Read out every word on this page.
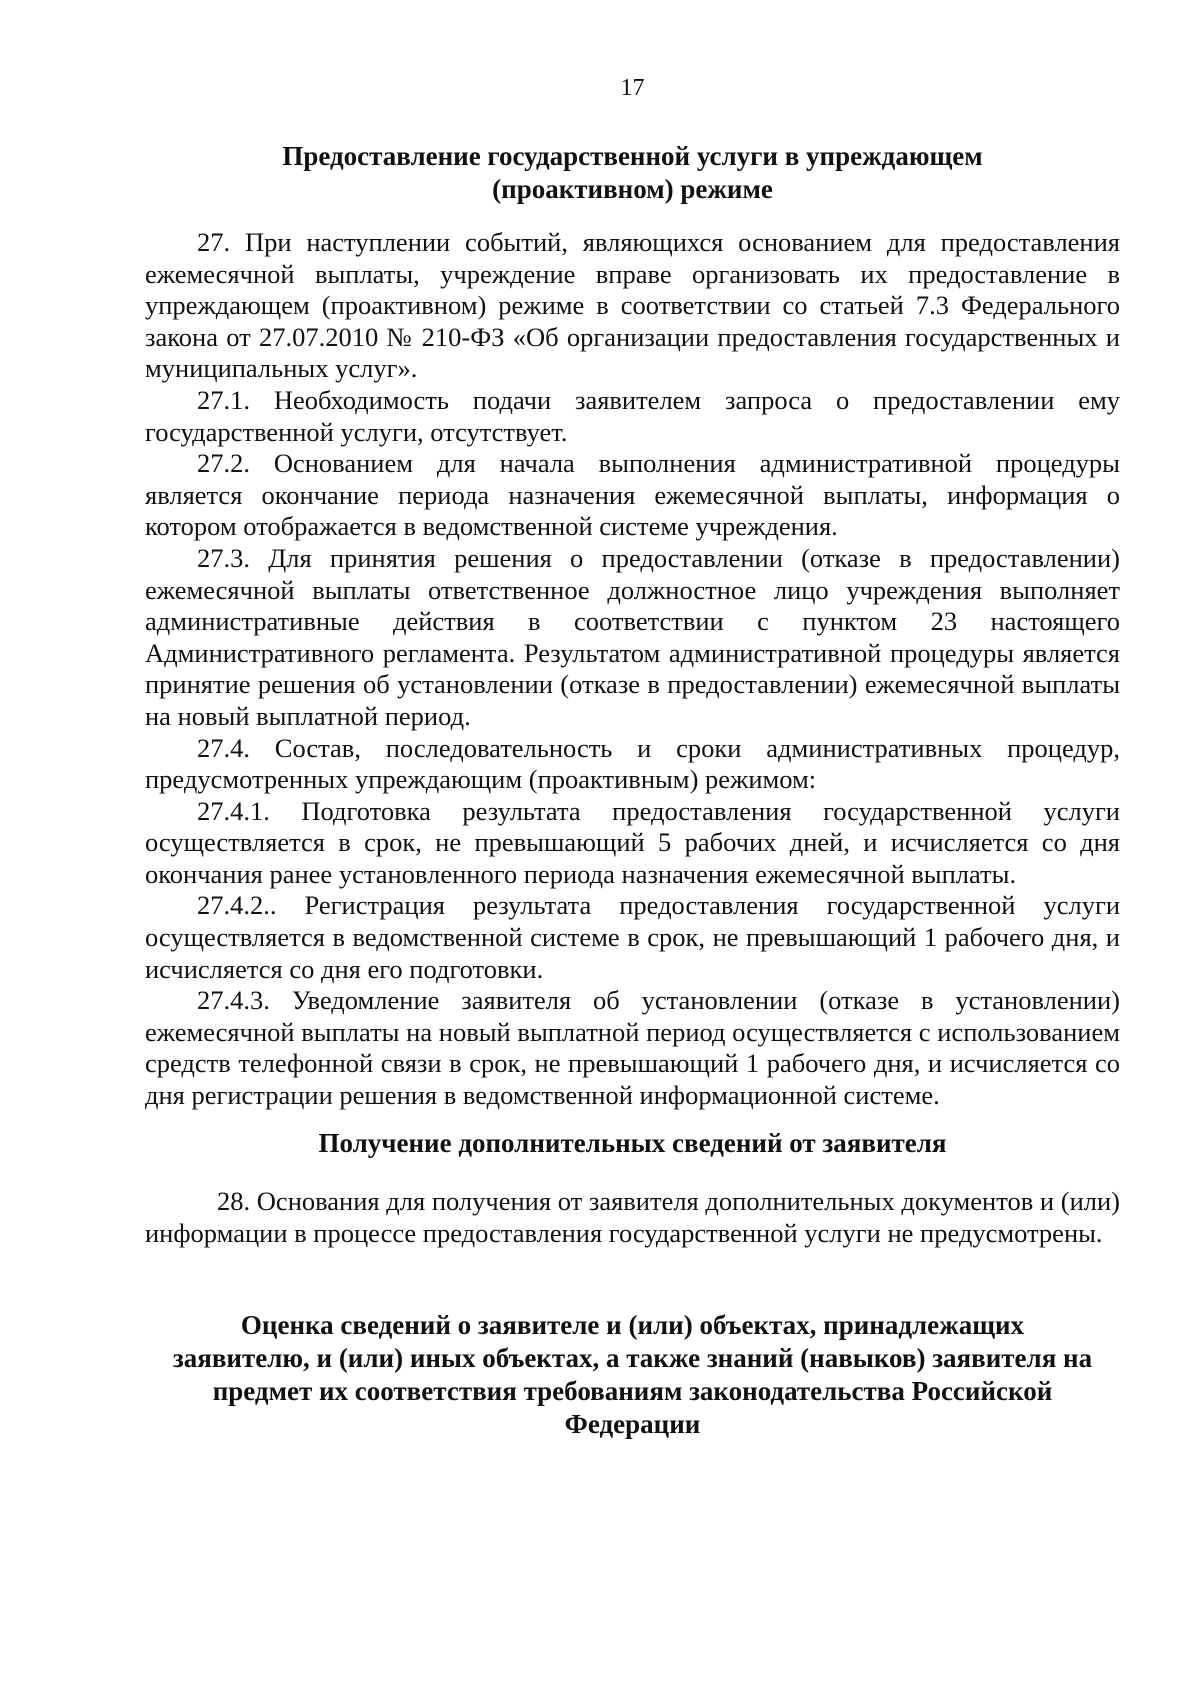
17
Предоставление государственной услуги в упреждающем
(проактивном) режиме

27. При наступлении событий, являющихся основанием для предоставления ежемесячной выплаты, учреждение вправе организовать их предоставление в упреждающем (проактивном) режиме в соответствии со статьей 7.3 Федерального закона от 27.07.2010 № 210-ФЗ «Об организации предоставления государственных и муниципальных услуг».

27.1. Необходимость подачи заявителем запроса о предоставлении ему государственной услуги, отсутствует.

27.2. Основанием для начала выполнения административной процедуры является окончание периода назначения ежемесячной выплаты, информация о котором отображается в ведомственной системе учреждения.

27.3. Для принятия решения о предоставлении (отказе в предоставлении) ежемесячной выплаты ответственное должностное лицо учреждения выполняет административные действия в соответствии с пунктом 23 настоящего Административного регламента. Результатом административной процедуры является принятие решения об установлении (отказе в предоставлении) ежемесячной выплаты на новый выплатной период.

27.4. Состав, последовательность и сроки административных процедур, предусмотренных упреждающим (проактивным) режимом:

27.4.1. Подготовка результата предоставления государственной услуги осуществляется в срок, не превышающий 5 рабочих дней, и исчисляется со дня окончания ранее установленного периода назначения ежемесячной выплаты.

27.4.2.. Регистрация результата предоставления государственной услуги осуществляется в ведомственной системе в срок, не превышающий 1 рабочего дня, и исчисляется со дня его подготовки.

27.4.3. Уведомление заявителя об установлении (отказе в установлении) ежемесячной выплаты на новый выплатной период осуществляется с использованием средств телефонной связи в срок, не превышающий 1 рабочего дня, и исчисляется со дня регистрации решения в ведомственной информационной системе.

Получение дополнительных сведений от заявителя

28. Основания для получения от заявителя дополнительных документов и (или) информации в процессе предоставления государственной услуги не предусмотрены.

Оценка сведений о заявителе и (или) объектах, принадлежащих
заявителю, и (или) иных объектах, а также знаний (навыков) заявителя на
предмет их соответствия требованиям законодательства Российской
Федерации
